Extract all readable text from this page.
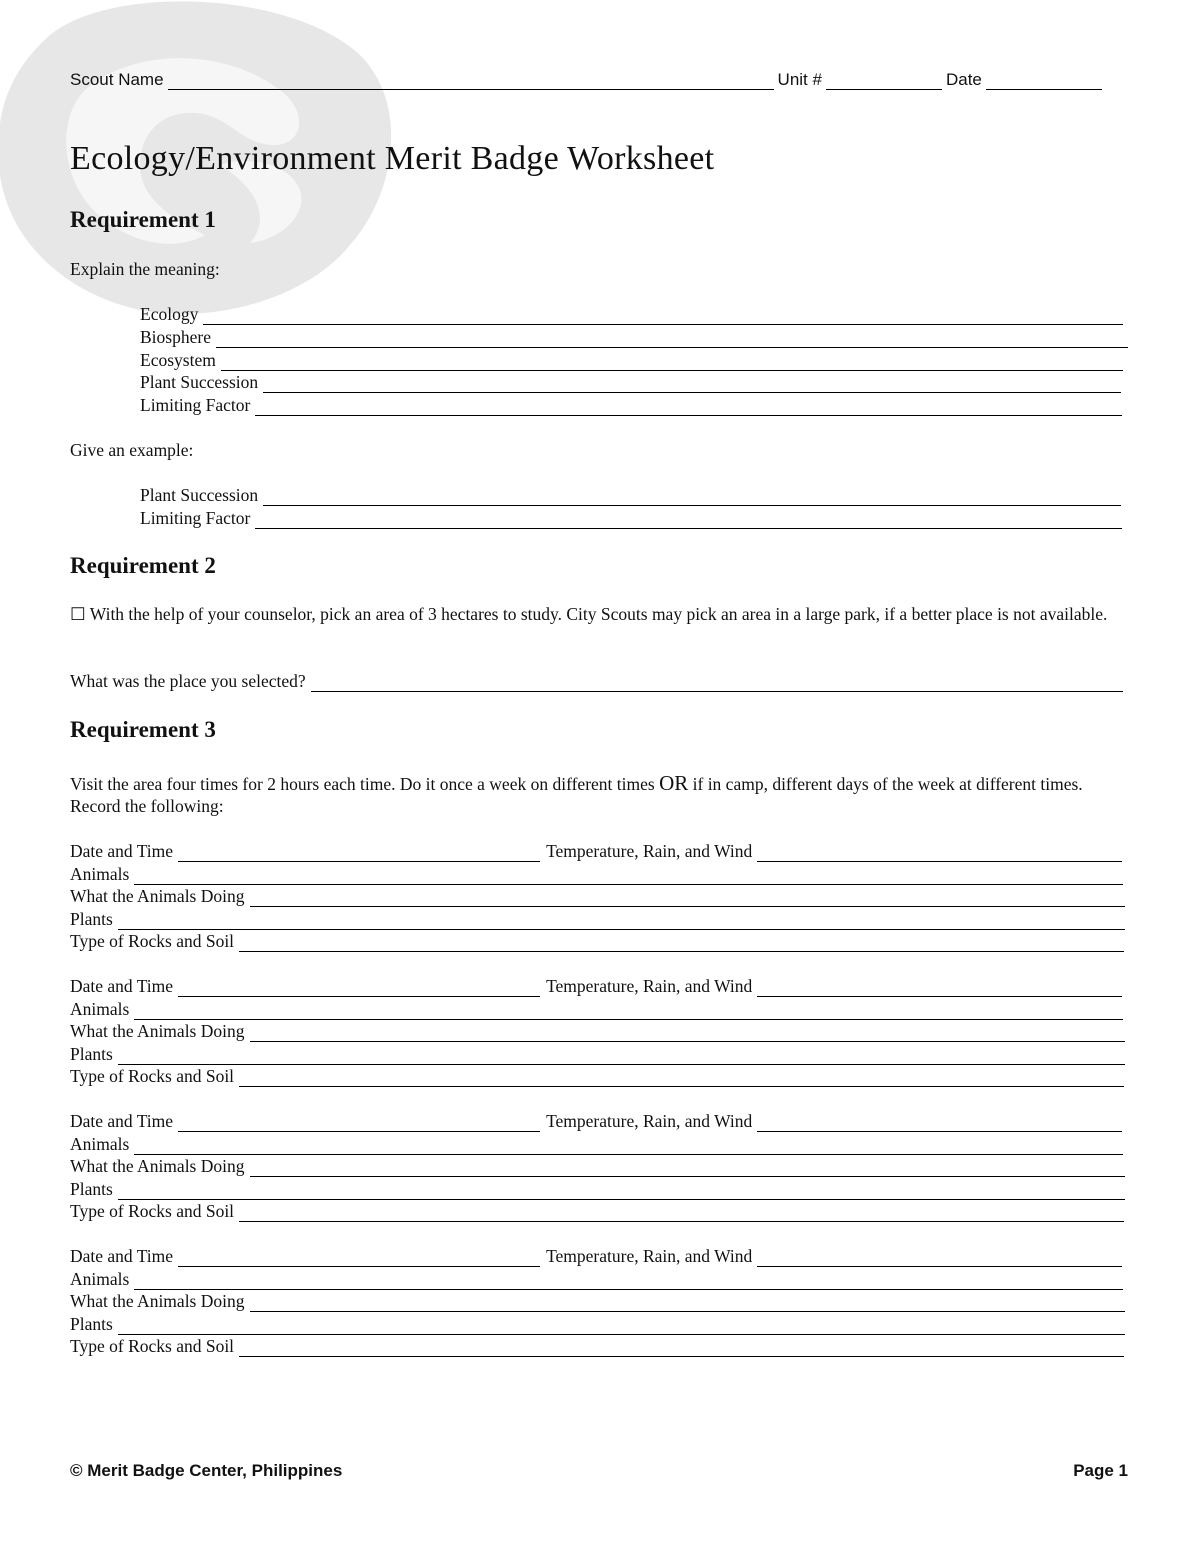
Scout Name	Unit #	Date
Ecology/Environment Merit Badge Worksheet
Requirement 1

Explain the meaning:

Ecology
Biosphere
Ecosystem
Plant Succession
Limiting Factor

Give an example:

Plant Succession
Limiting Factor
Requirement 2

☐ With the help of your counselor, pick an area of 3 hectares to study. City Scouts may pick an area in a large park, if a better place is not available.

What was the place you selected?
Requirement 3

Visit the area four times for 2 hours each time. Do it once a week on different times OR if in camp, different days of the week at different times. Record the following:

Date and Time	Temperature, Rain, and Wind
Animals
What the Animals Doing
Plants
Type of Rocks and Soil
Date and Time	Temperature, Rain, and Wind
Animals
What the Animals Doing
Plants
Type of Rocks and Soil
Date and Time	Temperature, Rain, and Wind
Animals
What the Animals Doing
Plants
Type of Rocks and Soil
Date and Time	Temperature, Rain, and Wind
Animals
What the Animals Doing
Plants
Type of Rocks and Soil
© Merit Badge Center, Philippines	Page 1
